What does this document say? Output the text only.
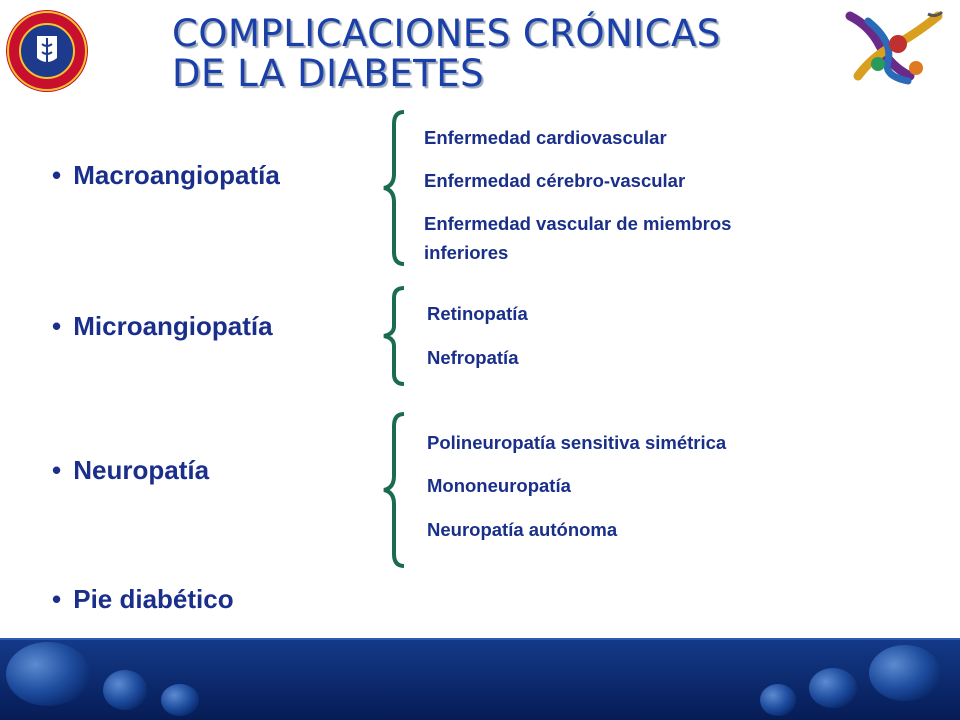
COMPLICACIONES CRÓNICAS
DE LA DIABETES
• Macroangiopatía
• Microangiopatía
• Neuropatía
• Pie diabético
Enfermedad cardiovascular
Enfermedad cérebro-vascular
Enfermedad vascular de miembros
inferiores
Retinopatía
Nefropatía
Polineuropatía sensitiva simétrica
Mononeuropatía
Neuropatía autónoma
